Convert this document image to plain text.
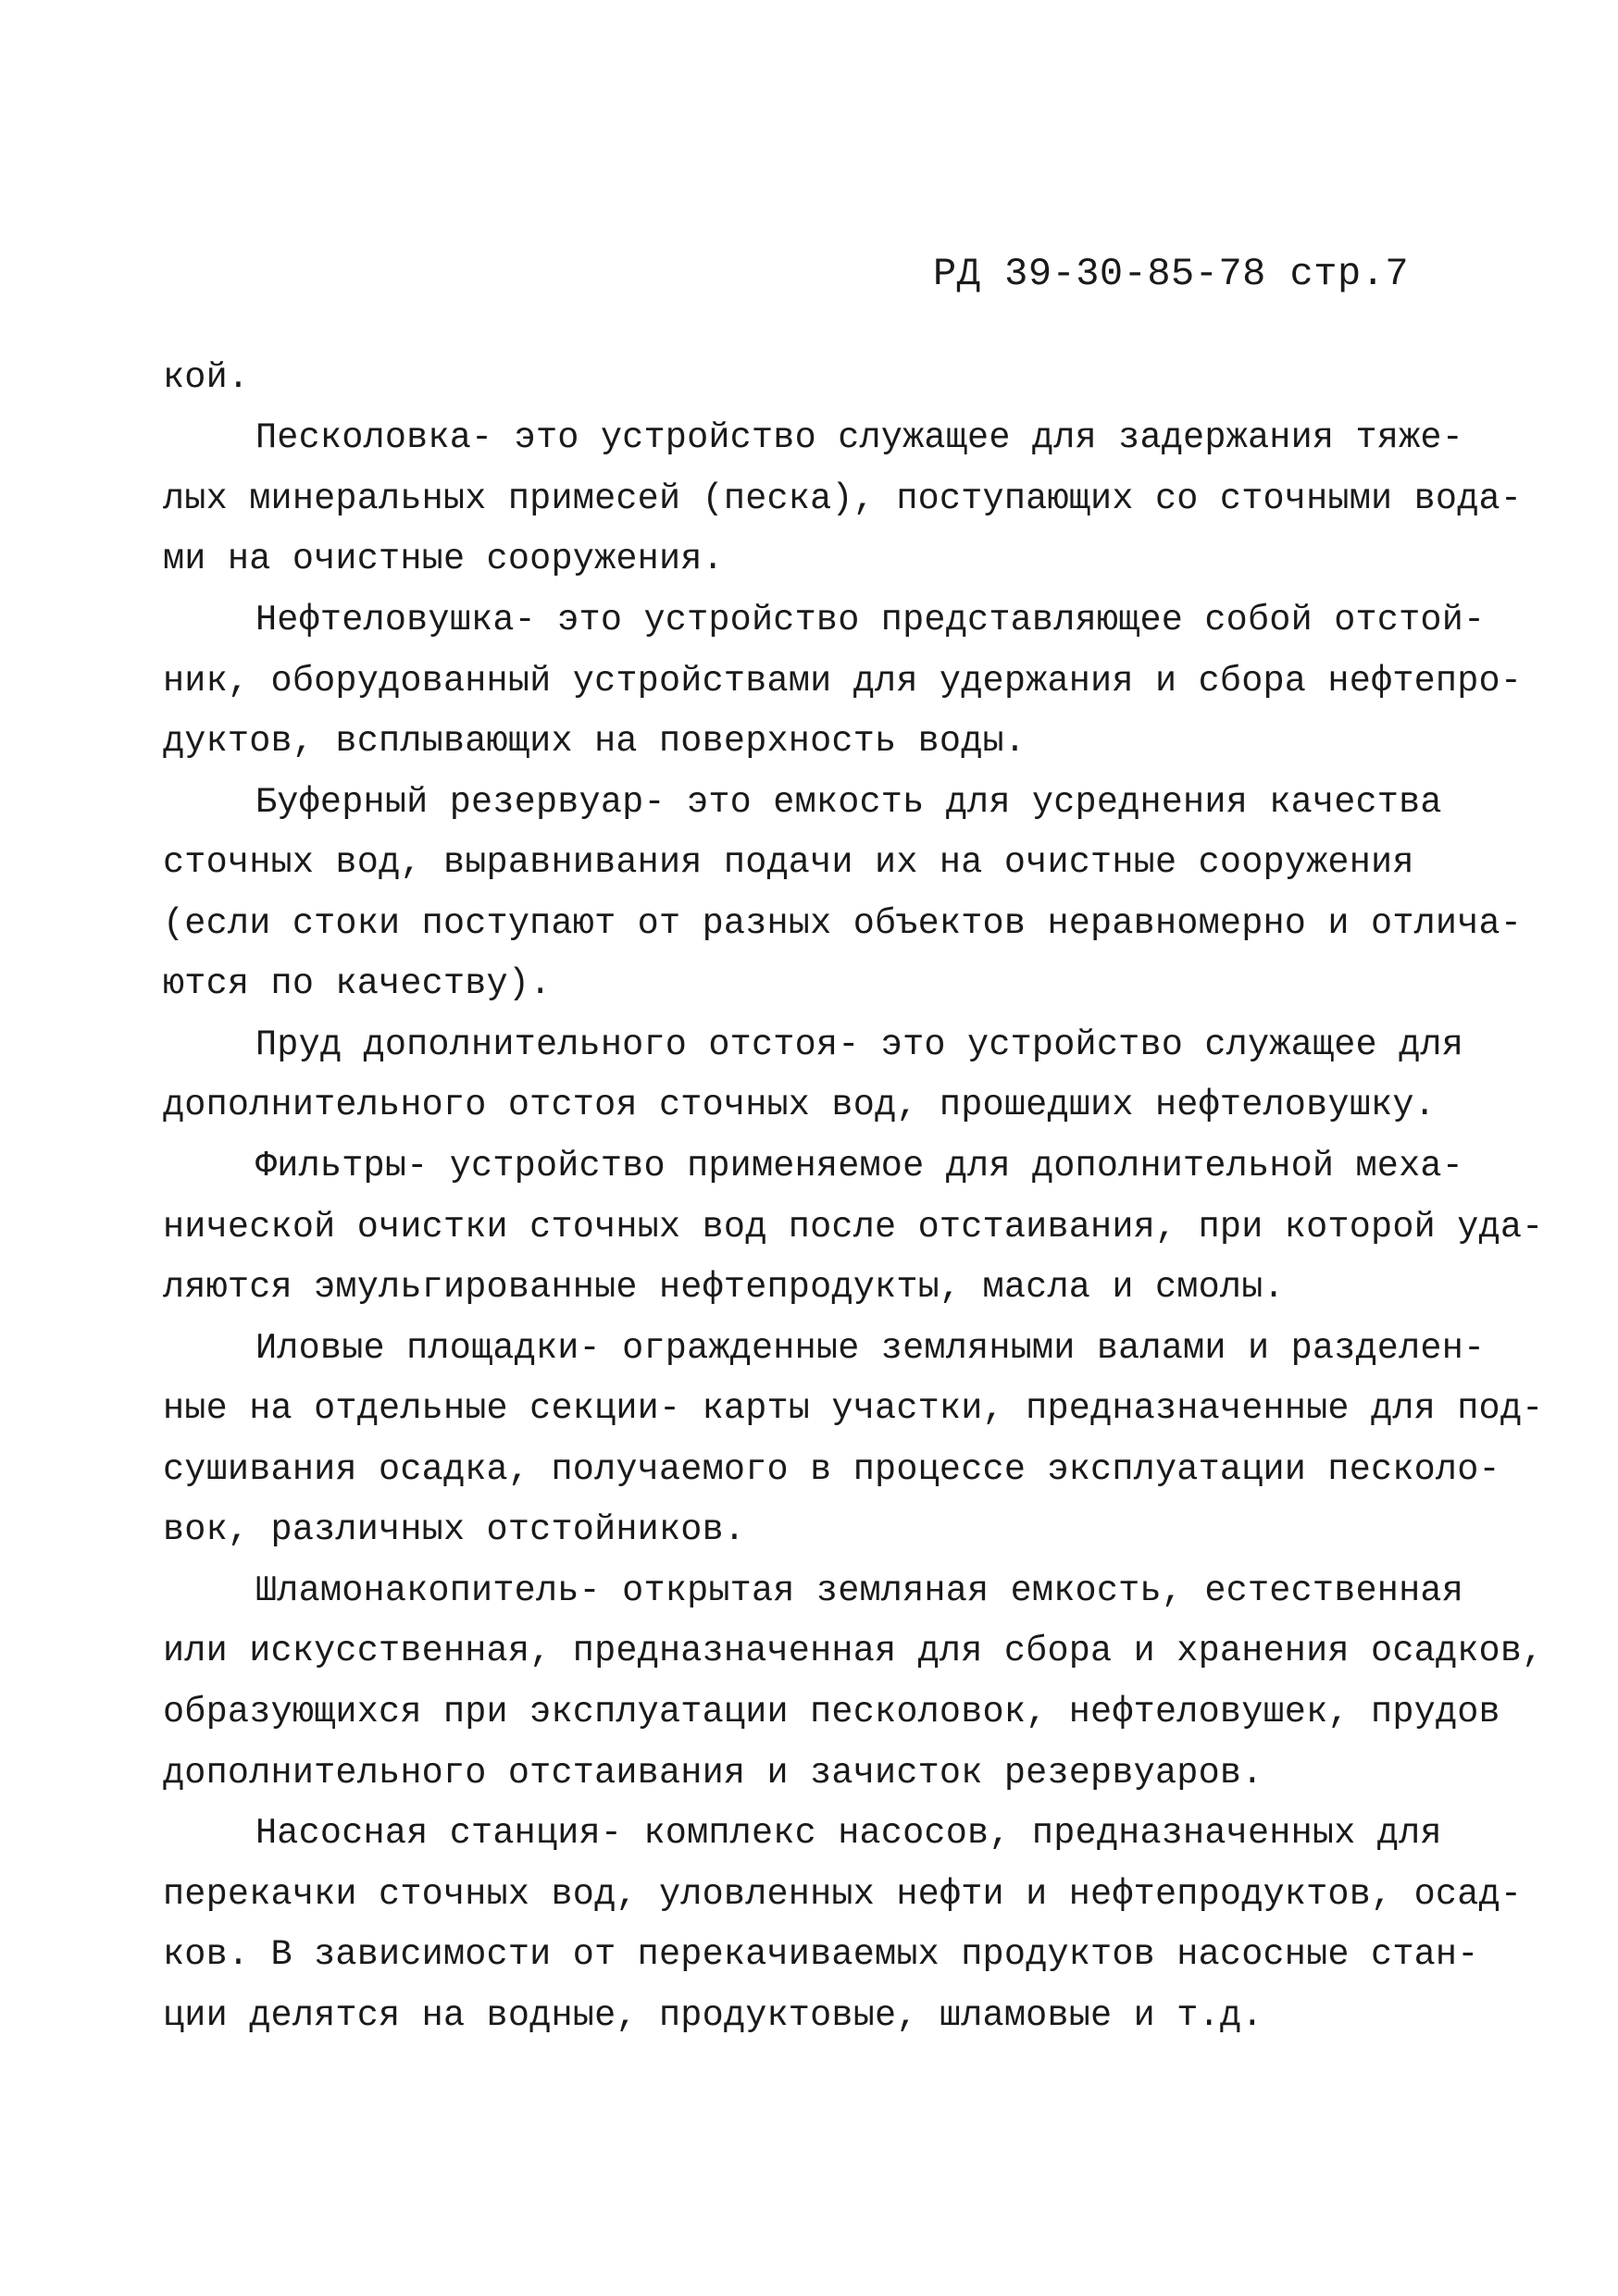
РД 39-30-85-78 стр.7
кой.
Песколовка- это устройство служащее для задержания тяже-
лых минеральных примесей (песка), поступающих со сточными вода-
ми на очистные сооружения.
Нефтеловушка- это устройство представляющее собой отстой-
ник, оборудованный устройствами для удержания и сбора нефтепро-
дуктов, всплывающих на поверхность воды.
Буферный резервуар- это емкость для усреднения качества
сточных вод, выравнивания подачи их на очистные сооружения
(если стоки поступают от разных объектов неравномерно и отлича-
ются по качеству).
Пруд дополнительного отстоя- это устройство служащее для
дополнительного отстоя сточных вод, прошедших нефтеловушку.
Фильтры- устройство применяемое для дополнительной меха-
нической очистки сточных вод после отстаивания, при которой уда-
ляются эмульгированные нефтепродукты, масла и смолы.
Иловые площадки- огражденные земляными валами и разделен-
ные на отдельные секции- карты участки, предназначенные для под-
сушивания осадка, получаемого в процессе эксплуатации песколо-
вок, различных отстойников.
Шламонакопитель- открытая земляная емкость, естественная
или искусственная, предназначенная для сбора и хранения осадков,
образующихся при эксплуатации песколовок, нефтеловушек, прудов
дополнительного отстаивания и зачисток резервуаров.
Насосная станция- комплекс насосов, предназначенных для
перекачки сточных вод, уловленных нефти и нефтепродуктов, осад-
ков. В зависимости от перекачиваемых продуктов насосные стан-
ции делятся на водные, продуктовые, шламовые и т.д.
